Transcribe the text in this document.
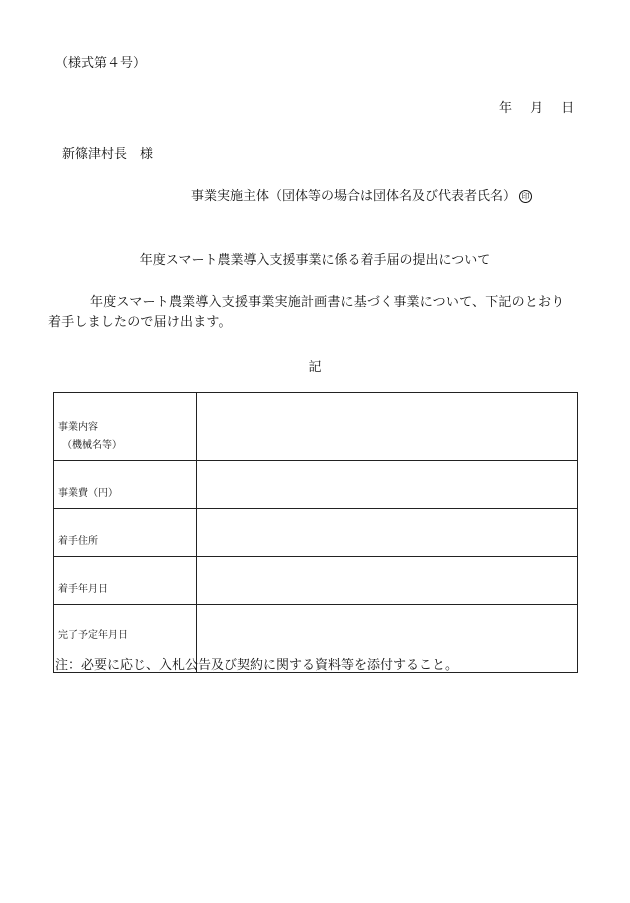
（様式第４号）
年 月 日
新篠津村長　様
事業実施主体（団体等の場合は団体名及び代表者氏名） 印
年度スマート農業導入支援事業に係る着手届の提出について
年度スマート農業導入支援事業実施計画書に基づく事業について、下記のとおり着手しましたので届け出ます。
記
事業内容
（機械名等）	

事業費（円）	
着手住所	
着手年月日	
完了予定年月日	
注：必要に応じ、入札公告及び契約に関する資料等を添付すること。
